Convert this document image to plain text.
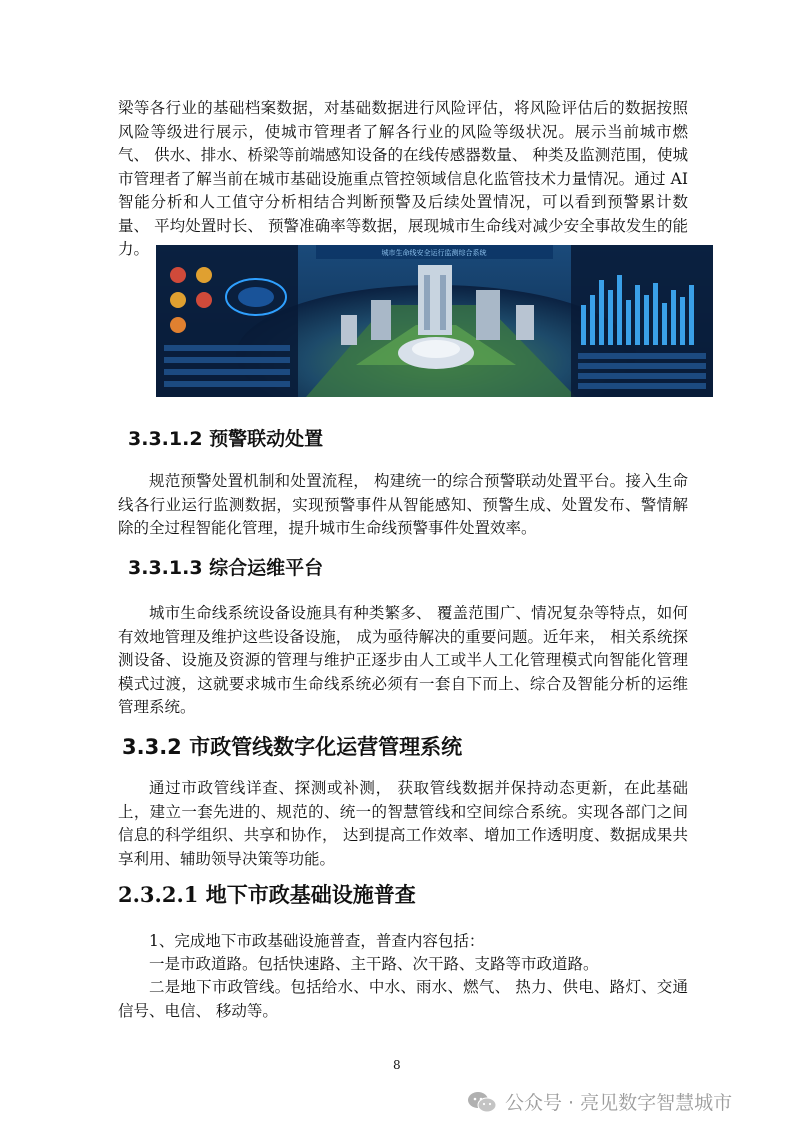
梁等各行业的基础档案数据，对基础数据进行风险评估，将风险评估后的数据按照风险等级进行展示，使城市管理者了解各行业的风险等级状况。展示当前城市燃气、 供水、排水、桥梁等前端感知设备的在线传感器数量、 种类及监测范围，使城市管理者了解当前在城市基础设施重点管控领域信息化监管技术力量情况。通过 AI 智能分析和人工值守分析相结合判断预警及后续处置情况，可以看到预警累计数量、 平均处置时长、 预警准确率等数据，展现城市生命线对减少安全事故发生的能力。	城市生命线安全运行监测综合系统
3.3.1.2 预警联动处置

规范预警处置机制和处置流程， 构建统一的综合预警联动处置平台。接入生命线各行业运行监测数据，实现预警事件从智能感知、预警生成、处置发布、警情解除的全过程智能化管理，提升城市生命线预警事件处置效率。

3.3.1.3 综合运维平台

城市生命线系统设备设施具有种类繁多、 覆盖范围广、情况复杂等特点，如何有效地管理及维护这些设备设施， 成为亟待解决的重要问题。近年来， 相关系统探测设备、设施及资源的管理与维护正逐步由人工或半人工化管理模式向智能化管理模式过渡，这就要求城市生命线系统必须有一套自下而上、综合及智能分析的运维管理系统。

3.3.2 市政管线数字化运营管理系统

通过市政管线详查、探测或补测， 获取管线数据并保持动态更新，在此基础上，建立一套先进的、规范的、统一的智慧管线和空间综合系统。实现各部门之间信息的科学组织、共享和协作， 达到提高工作效率、增加工作透明度、数据成果共享利用、辅助领导决策等功能。

2.3.2.1 地下市政基础设施普查

1、完成地下市政基础设施普查，普查内容包括：

一是市政道路。包括快速路、主干路、次干路、支路等市政道路。

二是地下市政管线。包括给水、中水、雨水、燃气、 热力、供电、路灯、交通信号、电信、 移动等。

8
公众号 · 亮见数字智慧城市
